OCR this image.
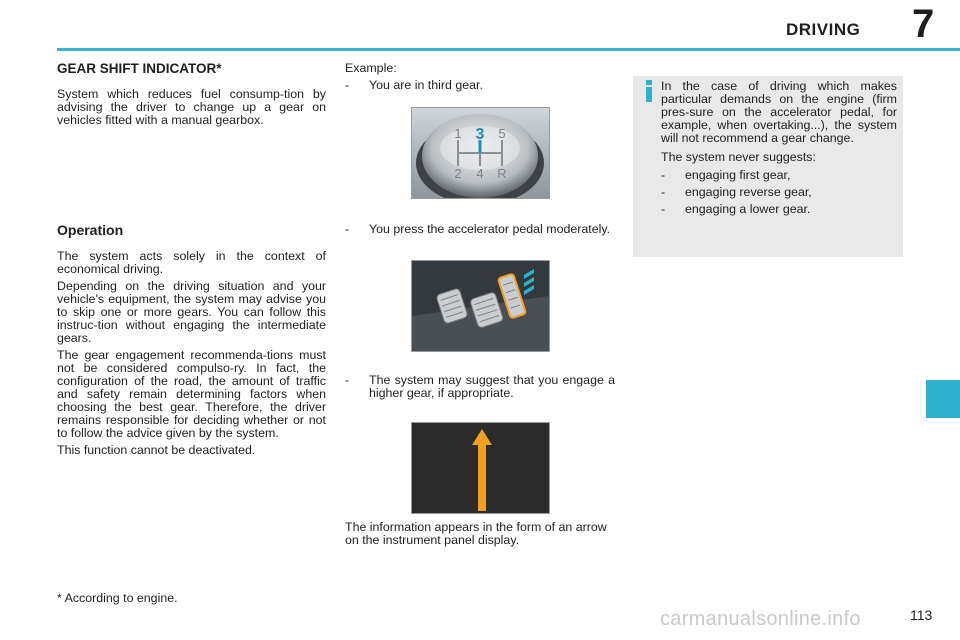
DRIVING 7
GEAR SHIFT INDICATOR*

System which reduces fuel consump-tion by advising the driver to change up a gear on vehicles fitted with a manual gearbox.

Operation

The system acts solely in the context of economical driving.

Depending on the driving situation and your vehicle's equipment, the system may advise you to skip one or more gears. You can follow this instruc-tion without engaging the intermediate gears.

The gear engagement recommenda-tions must not be considered compulso-ry. In fact, the configuration of the road, the amount of traffic and safety remain determining factors when choosing the best gear. Therefore, the driver remains responsible for deciding whether or not to follow the advice given by the system.

This function cannot be deactivated.

* According to engine.

Example:

-	You are in third gear.
1 3 5
2 4 R
-	You press the accelerator pedal moderately.
-	The system may suggest that you engage a higher gear, if appropriate.

The information appears in the form of an arrow on the instrument panel display.

In the case of driving which makes particular demands on the engine (firm pres-sure on the accelerator pedal, for example, when overtaking...), the system will not recommend a gear change.

The system never suggests:

-	engaging first gear,
-	engaging reverse gear,
-	engaging a lower gear.
carmanualsonline.info	113
